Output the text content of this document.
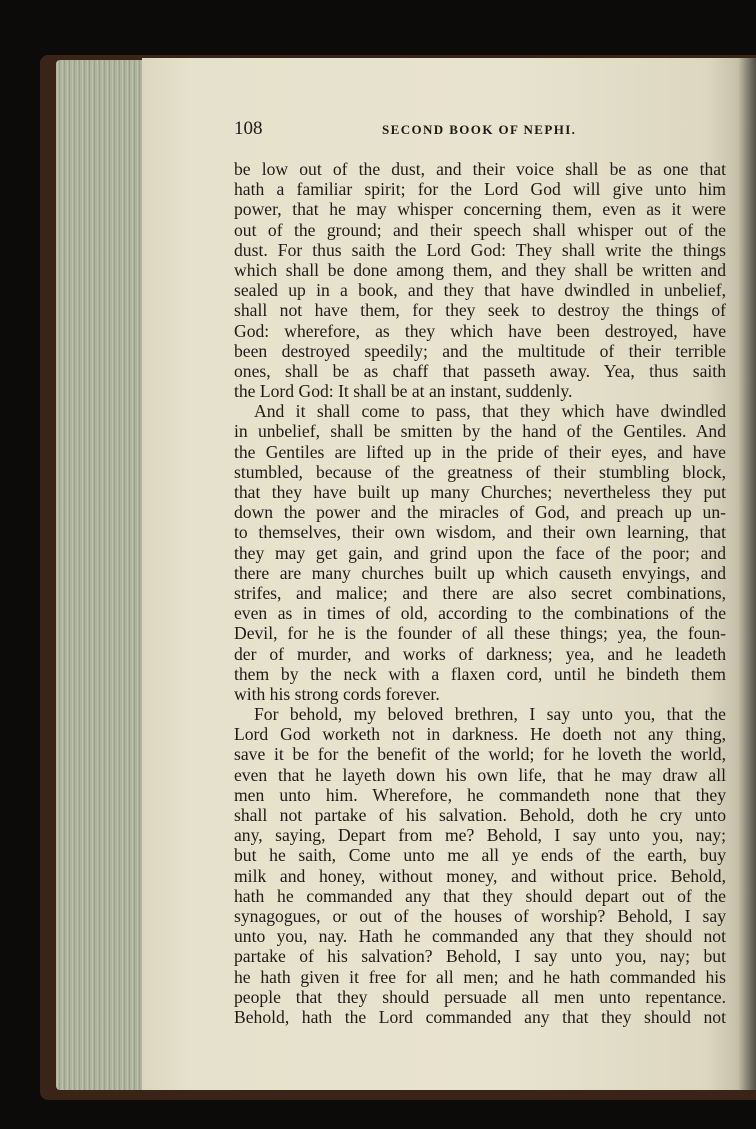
108	SECOND BOOK OF NEPHI.
be low out of the dust, and their voice shall be as one that
hath a familiar spirit; for the Lord God will give unto him
power, that he may whisper concerning them, even as it were
out of the ground; and their speech shall whisper out of the
dust. For thus saith the Lord God: They shall write the things
which shall be done among them, and they shall be written and
sealed up in a book, and they that have dwindled in unbelief,
shall not have them, for they seek to destroy the things of
God: wherefore, as they which have been destroyed, have
been destroyed speedily; and the multitude of their terrible
ones, shall be as chaff that passeth away. Yea, thus saith
the Lord God: It shall be at an instant, suddenly.
And it shall come to pass, that they which have dwindled
in unbelief, shall be smitten by the hand of the Gentiles. And
the Gentiles are lifted up in the pride of their eyes, and have
stumbled, because of the greatness of their stumbling block,
that they have built up many Churches; nevertheless they put
down the power and the miracles of God, and preach up un-
to themselves, their own wisdom, and their own learning, that
they may get gain, and grind upon the face of the poor; and
there are many churches built up which causeth envyings, and
strifes, and malice; and there are also secret combinations,
even as in times of old, according to the combinations of the
Devil, for he is the founder of all these things; yea, the foun-
der of murder, and works of darkness; yea, and he leadeth
them by the neck with a flaxen cord, until he bindeth them
with his strong cords forever.
For behold, my beloved brethren, I say unto you, that the
Lord God worketh not in darkness. He doeth not any thing,
save it be for the benefit of the world; for he loveth the world,
even that he layeth down his own life, that he may draw all
men unto him. Wherefore, he commandeth none that they
shall not partake of his salvation. Behold, doth he cry unto
any, saying, Depart from me? Behold, I say unto you, nay;
but he saith, Come unto me all ye ends of the earth, buy
milk and honey, without money, and without price. Behold,
hath he commanded any that they should depart out of the
synagogues, or out of the houses of worship? Behold, I say
unto you, nay. Hath he commanded any that they should not
partake of his salvation? Behold, I say unto you, nay; but
he hath given it free for all men; and he hath commanded his
people that they should persuade all men unto repentance.
Behold, hath the Lord commanded any that they should not
